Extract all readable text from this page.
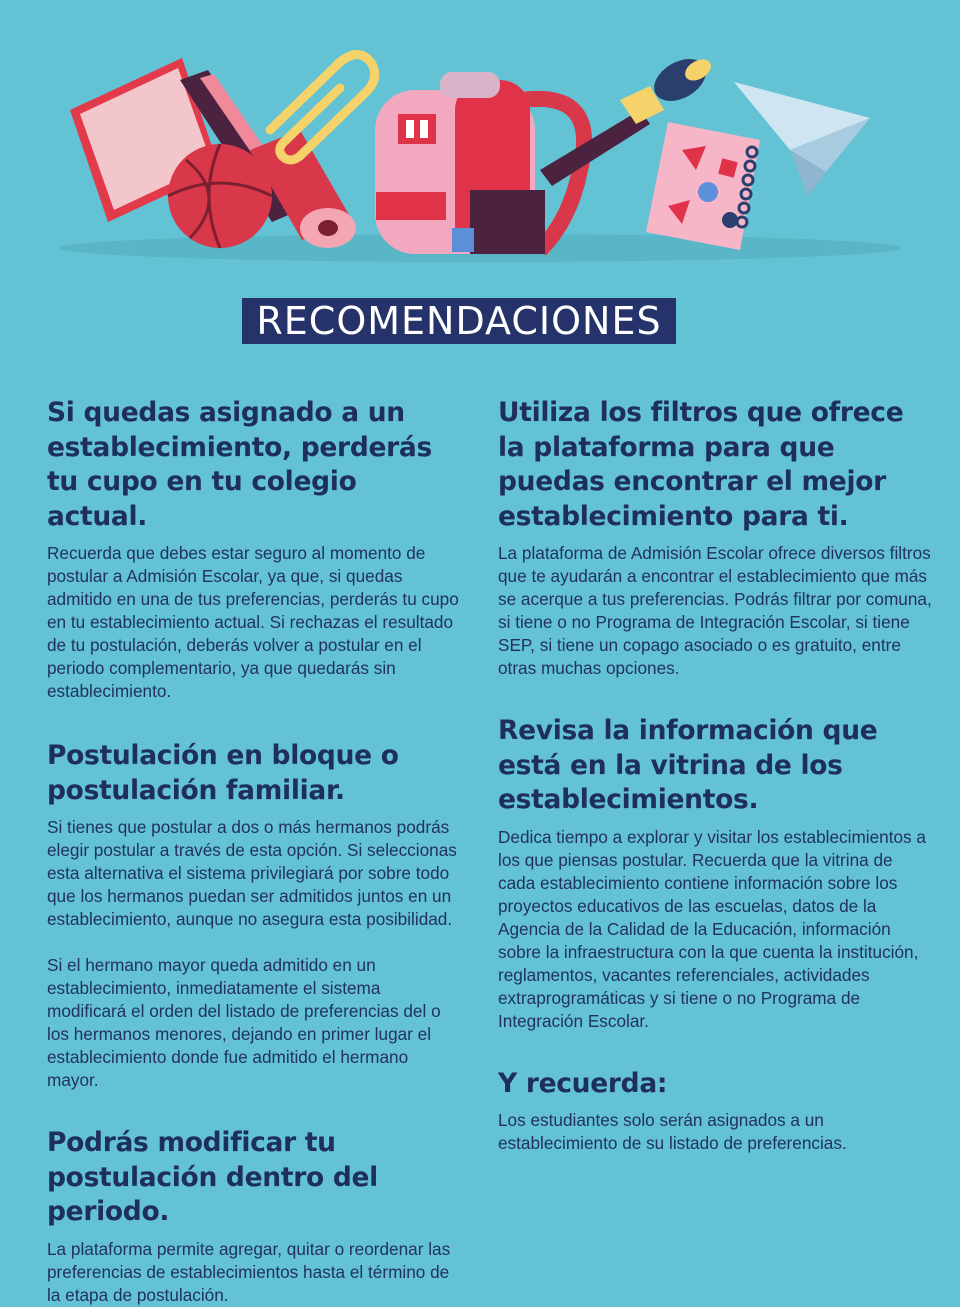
RECOMENDACIONES
Si quedas asignado a un establecimiento, perderás tu cupo en tu colegio actual.

Recuerda que debes estar seguro al momento de postular a Admisión Escolar, ya que, si quedas admitido en una de tus preferencias, perderás tu cupo en tu establecimiento actual. Si rechazas el resultado de tu postulación, deberás volver a postular en el periodo complementario, ya que quedarás sin establecimiento.

Postulación en bloque o postulación familiar.

Si tienes que postular a dos o más hermanos podrás elegir postular a través de esta opción. Si seleccionas esta alternativa el sistema privilegiará por sobre todo que los hermanos puedan ser admitidos juntos en un establecimiento, aunque no asegura esta posibilidad.

Si el hermano mayor queda admitido en un establecimiento, inmediatamente el sistema modificará el orden del listado de preferencias del o los hermanos menores, dejando en primer lugar el establecimiento donde fue admitido el hermano mayor.

Podrás modificar tu postulación dentro del periodo.

La plataforma permite agregar, quitar o reordenar las preferencias de establecimientos hasta el término de la etapa de postulación.

Utiliza los filtros que ofrece la plataforma para que puedas encontrar el mejor establecimiento para ti.

La plataforma de Admisión Escolar ofrece diversos filtros que te ayudarán a encontrar el establecimiento que más se acerque a tus preferencias. Podrás filtrar por comuna, si tiene o no Programa de Integración Escolar, si tiene SEP, si tiene un copago asociado o es gratuito, entre otras muchas opciones.

Revisa la información que está en la vitrina de los establecimientos.

Dedica tiempo a explorar y visitar los establecimientos a los que piensas postular. Recuerda que la vitrina de cada establecimiento contiene información sobre los proyectos educativos de las escuelas, datos de la Agencia de la Calidad de la Educación, información sobre la infraestructura con la que cuenta la institución, reglamentos, vacantes referenciales, actividades extraprogramáticas y si tiene o no Programa de Integración Escolar.

Y recuerda:

Los estudiantes solo serán asignados a un establecimiento de su listado de preferencias.
